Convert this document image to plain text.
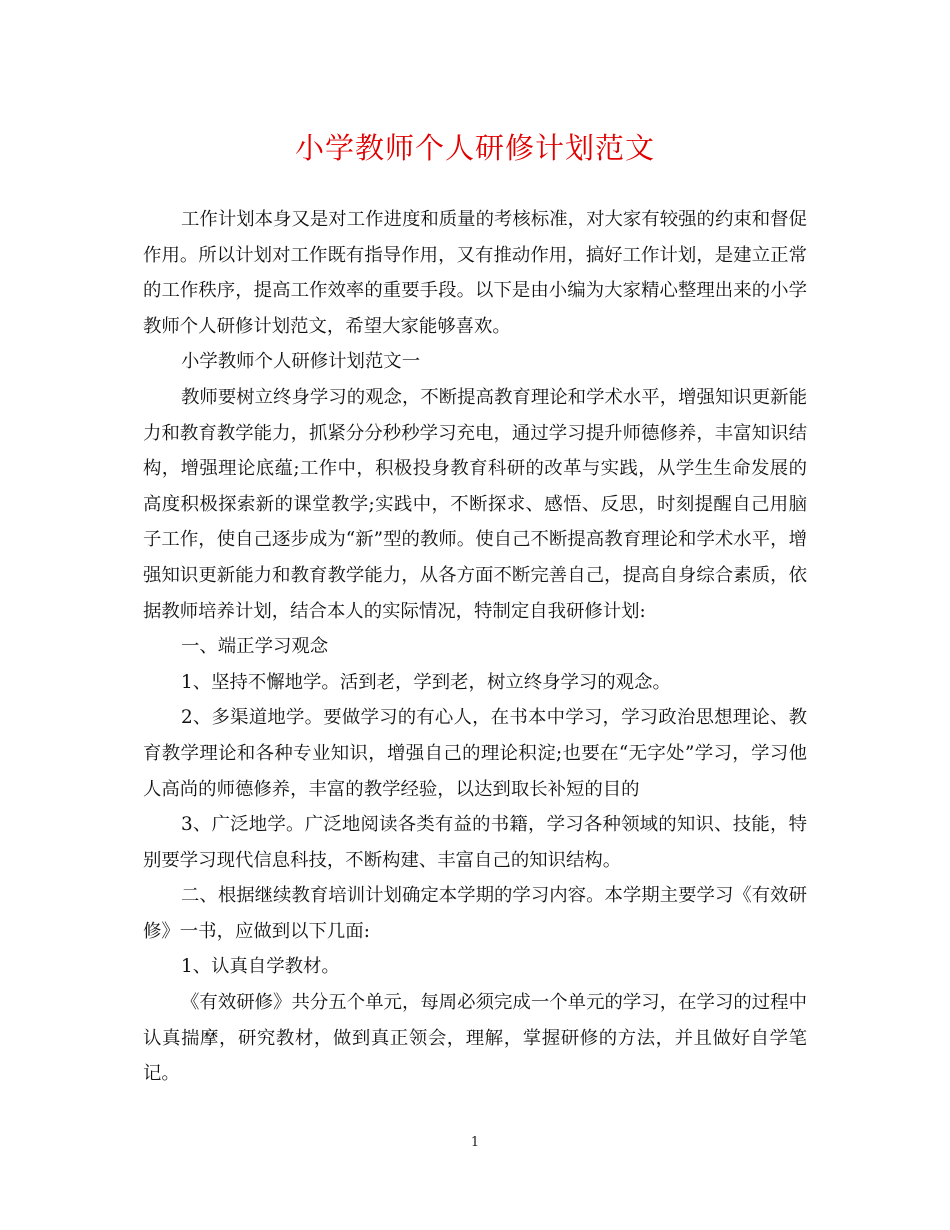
小学教师个人研修计划范文

工作计划本身又是对工作进度和质量的考核标准，对大家有较强的约束和督促作用。所以计划对工作既有指导作用，又有推动作用，搞好工作计划，是建立正常的工作秩序，提高工作效率的重要手段。以下是由小编为大家精心整理出来的小学教师个人研修计划范文，希望大家能够喜欢。

小学教师个人研修计划范文一

教师要树立终身学习的观念，不断提高教育理论和学术水平，增强知识更新能力和教育教学能力，抓紧分分秒秒学习充电，通过学习提升师德修养，丰富知识结构，增强理论底蕴;工作中，积极投身教育科研的改革与实践，从学生生命发展的高度积极探索新的课堂教学;实践中，不断探求、感悟、反思，时刻提醒自己用脑子工作，使自己逐步成为“新”型的教师。使自己不断提高教育理论和学术水平，增强知识更新能力和教育教学能力，从各方面不断完善自己，提高自身综合素质，依据教师培养计划，结合本人的实际情况，特制定自我研修计划:

一、端正学习观念

1、坚持不懈地学。活到老，学到老，树立终身学习的观念。

2、多渠道地学。要做学习的有心人，在书本中学习，学习政治思想理论、教育教学理论和各种专业知识，增强自己的理论积淀;也要在“无字处”学习，学习他人高尚的师德修养，丰富的教学经验，以达到取长补短的目的

3、广泛地学。广泛地阅读各类有益的书籍，学习各种领域的知识、技能，特别要学习现代信息科技，不断构建、丰富自己的知识结构。

二、根据继续教育培训计划确定本学期的学习内容。本学期主要学习《有效研修》一书，应做到以下几面:

1、认真自学教材。

《有效研修》共分五个单元，每周必须完成一个单元的学习，在学习的过程中认真揣摩，研究教材，做到真正领会，理解，掌握研修的方法，并且做好自学笔记。

1
